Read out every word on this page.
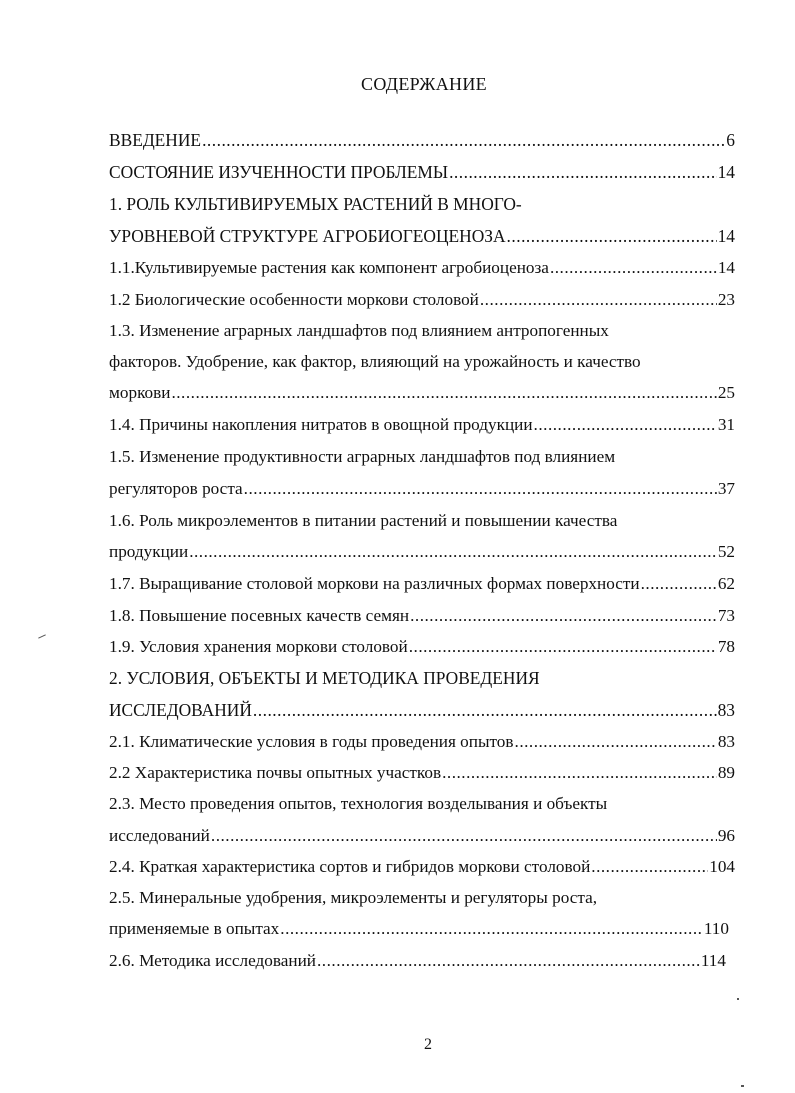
СОДЕРЖАНИЕ
ВВЕДЕНИЕ .....	6
СОСТОЯНИЕ ИЗУЧЕННОСТИ ПРОБЛЕМЫ .....	14
1. РОЛЬ КУЛЬТИВИРУЕМЫХ РАСТЕНИЙ В МНОГО-
УРОВНЕВОЙ СТРУКТУРЕ АГРОБИОГЕОЦЕНОЗА .....	14
1.1.Культивируемые растения как компонент агробиоценоза .....	14
1.2 Биологические особенности моркови столовой .....	23
1.3. Изменение аграрных ландшафтов под влиянием антропогенных
факторов. Удобрение, как фактор, влияющий на урожайность и качество
моркови .....	25
1.4. Причины накопления нитратов в овощной продукции .....	31
1.5. Изменение продуктивности аграрных ландшафтов под влиянием
регуляторов роста .....	37
1.6. Роль микроэлементов в питании растений и повышении качества
продукции .....	52
1.7. Выращивание столовой моркови на различных формах поверхности .....	62
1.8. Повышение посевных качеств семян .....	73
1.9. Условия хранения моркови столовой .....	78
2. УСЛОВИЯ, ОБЪЕКТЫ И МЕТОДИКА ПРОВЕДЕНИЯ
ИССЛЕДОВАНИЙ .....	83
2.1. Климатические условия в годы проведения опытов .....	83
2.2 Характеристика почвы опытных участков .....	89
2.3. Место проведения опытов, технология возделывания и объекты
исследований .....	96
2.4. Краткая характеристика сортов и гибридов моркови столовой .....	104
2.5. Минеральные удобрения, микроэлементы и регуляторы роста,
применяемые в опытах .....	110
2.6. Методика исследований .....	114
2
